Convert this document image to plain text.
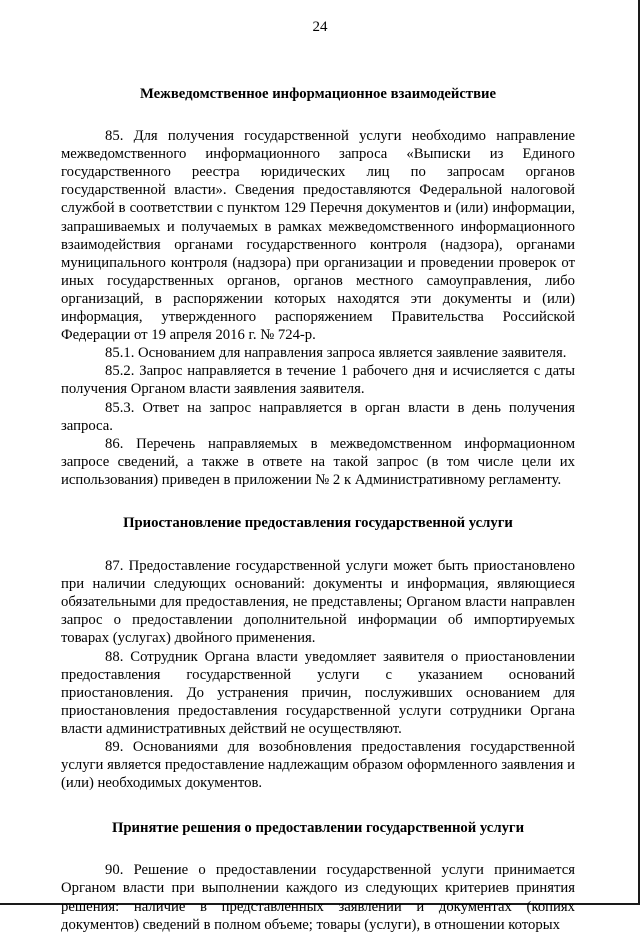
24
Межведомственное информационное взаимодействие

85. Для получения государственной услуги необходимо направление межведомственного информационного запроса «Выписки из Единого государственного реестра юридических лиц по запросам органов государственной власти». Сведения предоставляются Федеральной налоговой службой в соответствии с пунктом 129 Перечня документов и (или) информации, запрашиваемых и получаемых в рамках межведомственного информационного взаимодействия органами государственного контроля (надзора), органами муниципального контроля (надзора) при организации и проведении проверок от иных государственных органов, органов местного самоуправления, либо организаций, в распоряжении которых находятся эти документы и (или) информация, утвержденного распоряжением Правительства Российской Федерации от 19 апреля 2016 г. № 724-р.

85.1. Основанием для направления запроса является заявление заявителя.

85.2. Запрос направляется в течение 1 рабочего дня и исчисляется с даты получения Органом власти заявления заявителя.

85.3. Ответ на запрос направляется в орган власти в день получения запроса.

86. Перечень направляемых в межведомственном информационном запросе сведений, а также в ответе на такой запрос (в том числе цели их использования) приведен в приложении № 2 к Административному регламенту.

Приостановление предоставления государственной услуги

87. Предоставление государственной услуги может быть приостановлено при наличии следующих оснований: документы и информация, являющиеся обязательными для предоставления, не представлены; Органом власти направлен запрос о предоставлении дополнительной информации об импортируемых товарах (услугах) двойного применения.

88. Сотрудник Органа власти уведомляет заявителя о приостановлении предоставления государственной услуги с указанием оснований приостановления. До устранения причин, послуживших основанием для приостановления предоставления государственной услуги сотрудники Органа власти административных действий не осуществляют.

89. Основаниями для возобновления предоставления государственной услуги является предоставление надлежащим образом оформленного заявления и (или) необходимых документов.

Принятие решения о предоставлении государственной услуги

90. Решение о предоставлении государственной услуги принимается Органом власти при выполнении каждого из следующих критериев принятия решения: наличие в представленных заявлении и документах (копиях документов) сведений в полном объеме; товары (услуги), в отношении которых
